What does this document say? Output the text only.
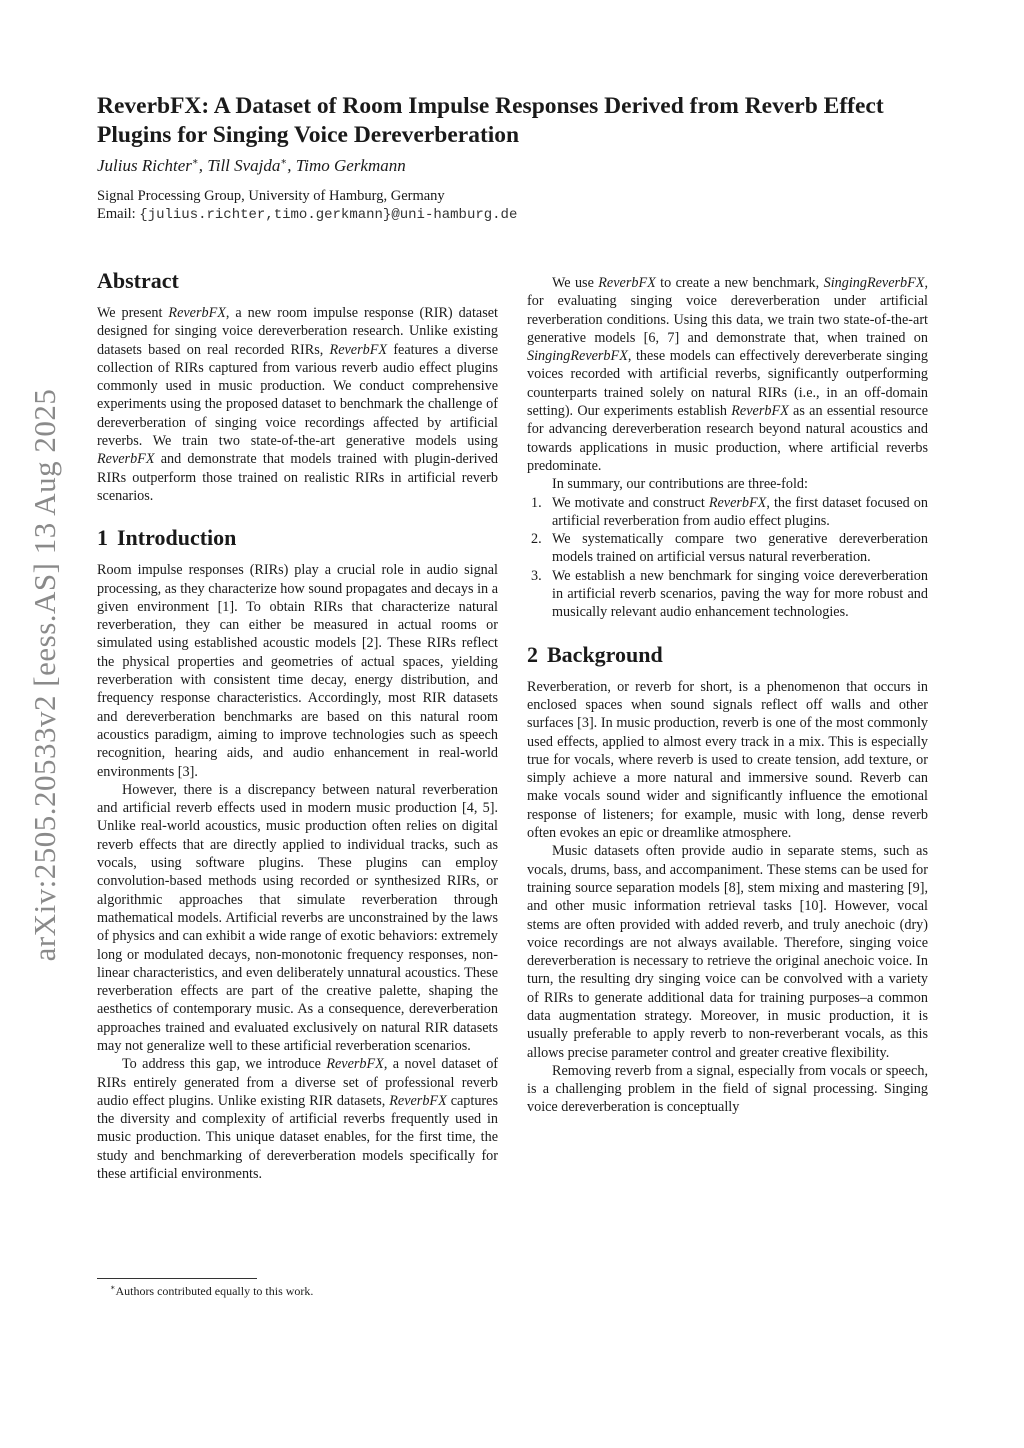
arXiv:2505.20533v2 [eess.AS] 13 Aug 2025
ReverbFX: A Dataset of Room Impulse Responses Derived from Reverb Effect Plugins for Singing Voice Dereverberation

Julius Richter∗, Till Svajda∗, Timo Gerkmann

Signal Processing Group, University of Hamburg, Germany
Email: {julius.richter,timo.gerkmann}@uni-hamburg.de
Abstract

We present ReverbFX, a new room impulse response (RIR) dataset designed for singing voice dereverberation research. Unlike existing datasets based on real recorded RIRs, ReverbFX features a diverse collection of RIRs captured from various reverb audio effect plugins commonly used in music production. We conduct comprehensive experiments using the proposed dataset to benchmark the challenge of dereverberation of singing voice recordings affected by artificial reverbs. We train two state-of-the-art generative models using ReverbFX and demonstrate that models trained with plugin-derived RIRs outperform those trained on realistic RIRs in artificial reverb scenarios.

1 Introduction

Room impulse responses (RIRs) play a crucial role in audio signal processing, as they characterize how sound propagates and decays in a given environment [1]. To obtain RIRs that characterize natural reverberation, they can either be measured in actual rooms or simulated using established acoustic models [2]. These RIRs reflect the physical properties and geometries of actual spaces, yielding reverberation with consistent time decay, energy distribution, and frequency response characteristics. Accordingly, most RIR datasets and dereverberation benchmarks are based on this natural room acoustics paradigm, aiming to improve technologies such as speech recognition, hearing aids, and audio enhancement in real-world environments [3].

However, there is a discrepancy between natural reverberation and artificial reverb effects used in modern music production [4, 5]. Unlike real-world acoustics, music production often relies on digital reverb effects that are directly applied to individual tracks, such as vocals, using software plugins. These plugins can employ convolution-based methods using recorded or synthesized RIRs, or algorithmic approaches that simulate reverberation through mathematical models. Artificial reverbs are unconstrained by the laws of physics and can exhibit a wide range of exotic behaviors: extremely long or modulated decays, non-monotonic frequency responses, non-linear characteristics, and even deliberately unnatural acoustics. These reverberation effects are part of the creative palette, shaping the aesthetics of contemporary music. As a consequence, dereverberation approaches trained and evaluated exclusively on natural RIR datasets may not generalize well to these artificial reverberation scenarios.

To address this gap, we introduce ReverbFX, a novel dataset of RIRs entirely generated from a diverse set of professional reverb audio effect plugins. Unlike existing RIR datasets, ReverbFX captures the diversity and complexity of artificial reverbs frequently used in music production. This unique dataset enables, for the first time, the study and benchmarking of dereverberation models specifically for these artificial environments.

We use ReverbFX to create a new benchmark, SingingReverbFX, for evaluating singing voice dereverberation under artificial reverberation conditions. Using this data, we train two state-of-the-art generative models [6, 7] and demonstrate that, when trained on SingingReverbFX, these models can effectively dereverberate singing voices recorded with artificial reverbs, significantly outperforming counterparts trained solely on natural RIRs (i.e., in an off-domain setting). Our experiments establish ReverbFX as an essential resource for advancing dereverberation research beyond natural acoustics and towards applications in music production, where artificial reverbs predominate.

In summary, our contributions are three-fold:

1. We motivate and construct ReverbFX, the first dataset focused on artificial reverberation from audio effect plugins.
2. We systematically compare two generative dereverberation models trained on artificial versus natural reverberation.
3. We establish a new benchmark for singing voice dereverberation in artificial reverb scenarios, paving the way for more robust and musically relevant audio enhancement technologies.
2 Background

Reverberation, or reverb for short, is a phenomenon that occurs in enclosed spaces when sound signals reflect off walls and other surfaces [3]. In music production, reverb is one of the most commonly used effects, applied to almost every track in a mix. This is especially true for vocals, where reverb is used to create tension, add texture, or simply achieve a more natural and immersive sound. Reverb can make vocals sound wider and significantly influence the emotional response of listeners; for example, music with long, dense reverb often evokes an epic or dreamlike atmosphere.

Music datasets often provide audio in separate stems, such as vocals, drums, bass, and accompaniment. These stems can be used for training source separation models [8], stem mixing and mastering [9], and other music information retrieval tasks [10]. However, vocal stems are often provided with added reverb, and truly anechoic (dry) voice recordings are not always available. Therefore, singing voice dereverberation is necessary to retrieve the original anechoic voice. In turn, the resulting dry singing voice can be convolved with a variety of RIRs to generate additional data for training purposes–a common data augmentation strategy. Moreover, in music production, it is usually preferable to apply reverb to non-reverberant vocals, as this allows precise parameter control and greater creative flexibility.

Removing reverb from a signal, especially from vocals or speech, is a challenging problem in the field of signal processing. Singing voice dereverberation is conceptually

∗Authors contributed equally to this work.
